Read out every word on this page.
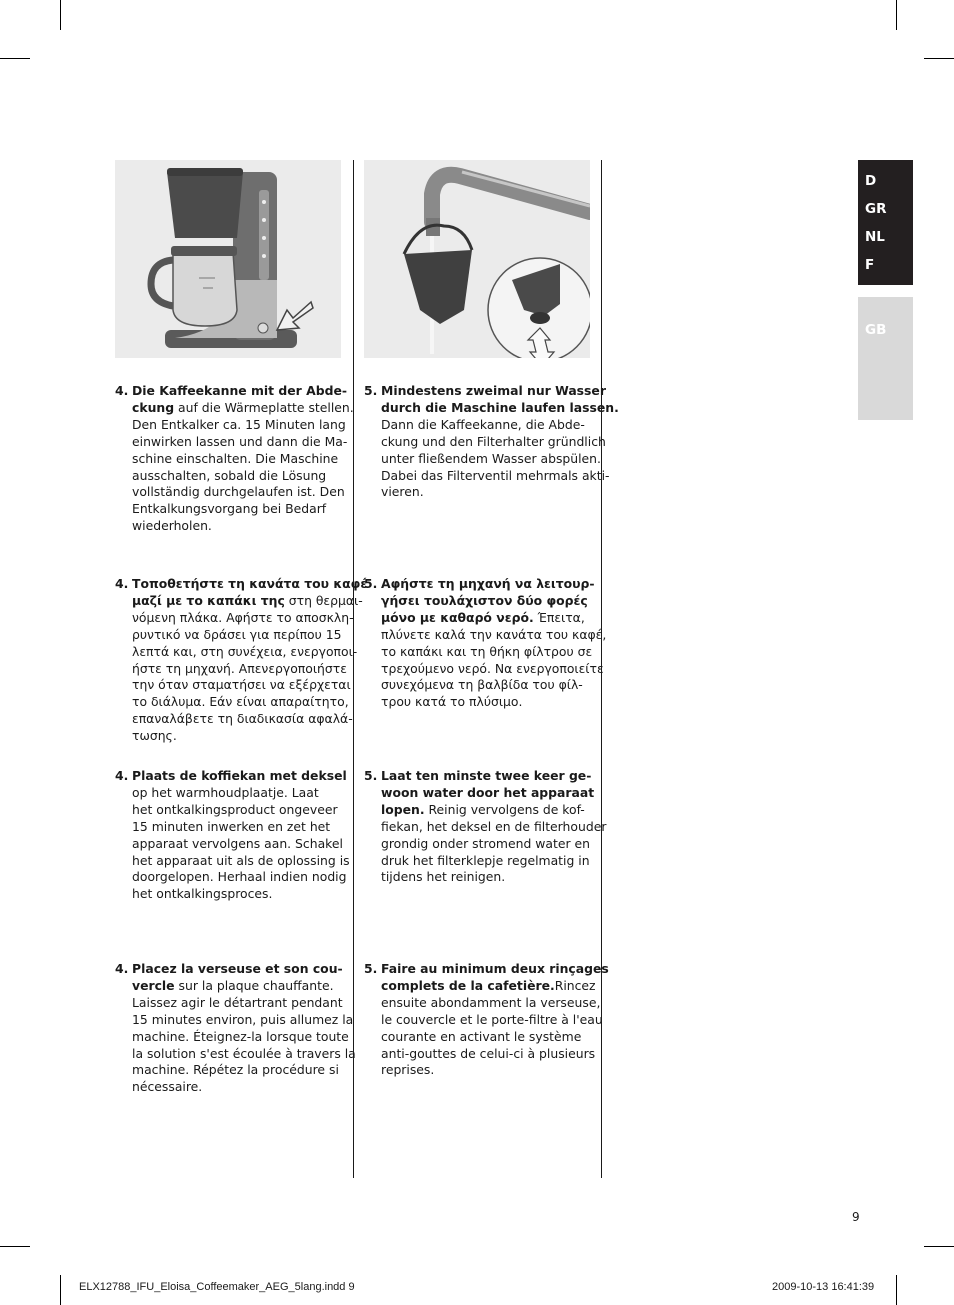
4. Die Kaffeekanne mit der Abde-
ckung auf die Wärmeplatte stellen.
Den Entkalker ca. 15 Minuten lang
einwirken lassen und dann die Ma-
schine einschalten. Die Maschine
ausschalten, sobald die Lösung
vollständig durchgelaufen ist. Den
Entkalkungsvorgang bei Bedarf
wiederholen.
5. Mindestens zweimal nur Wasser
durch die Maschine laufen lassen.
Dann die Kaffeekanne, die Abde-
ckung und den Filterhalter gründlich
unter fließendem Wasser abspülen.
Dabei das Filterventil mehrmals akti-
vieren.
4. Τοποθετήστε τη κανάτα του καφέ
μαζί με το καπάκι της στη θερμαι-
νόμενη πλάκα. Αφήστε το αποσκλη-
ρυντικό να δράσει για περίπου 15
λεπτά και, στη συνέχεια, ενεργοποι-
ήστε τη μηχανή. Απενεργοποιήστε
την όταν σταματήσει να εξέρχεται
το διάλυμα. Εάν είναι απαραίτητο,
επαναλάβετε τη διαδικασία αφαλά-
τωσης.
5. Αφήστε τη μηχανή να λειτουρ-
γήσει τουλάχιστον δύο φορές
μόνο με καθαρό νερό. Έπειτα,
πλύνετε καλά την κανάτα του καφέ,
το καπάκι και τη θήκη φίλτρου σε
τρεχούμενο νερό. Να ενεργοποιείτε
συνεχόμενα τη βαλβίδα του φίλ-
τρου κατά το πλύσιμο.
4. Plaats de koffiekan met deksel
op het warmhoudplaatje. Laat
het ontkalkingsproduct ongeveer
15 minuten inwerken en zet het
apparaat vervolgens aan. Schakel
het apparaat uit als de oplossing is
doorgelopen. Herhaal indien nodig
het ontkalkingsproces.
5. Laat ten minste twee keer ge-
woon water door het apparaat
lopen. Reinig vervolgens de kof-
fiekan, het deksel en de filterhouder
grondig onder stromend water en
druk het filterklepje regelmatig in
tijdens het reinigen.
4. Placez la verseuse et son cou-
vercle sur la plaque chauffante.
Laissez agir le détartrant pendant
15 minutes environ, puis allumez la
machine. Éteignez-la lorsque toute
la solution s'est écoulée à travers la
machine. Répétez la procédure si
nécessaire.
5. Faire au minimum deux rinçages
complets de la cafetière.Rincez
ensuite abondamment la verseuse,
le couvercle et le porte-filtre à l'eau
courante en activant le système
anti-gouttes de celui-ci à plusieurs
reprises.
D
GR
NL
F
GB
9
ELX12788_IFU_Eloisa_Coffeemaker_AEG_5lang.indd 9	2009-10-13 16:41:39
